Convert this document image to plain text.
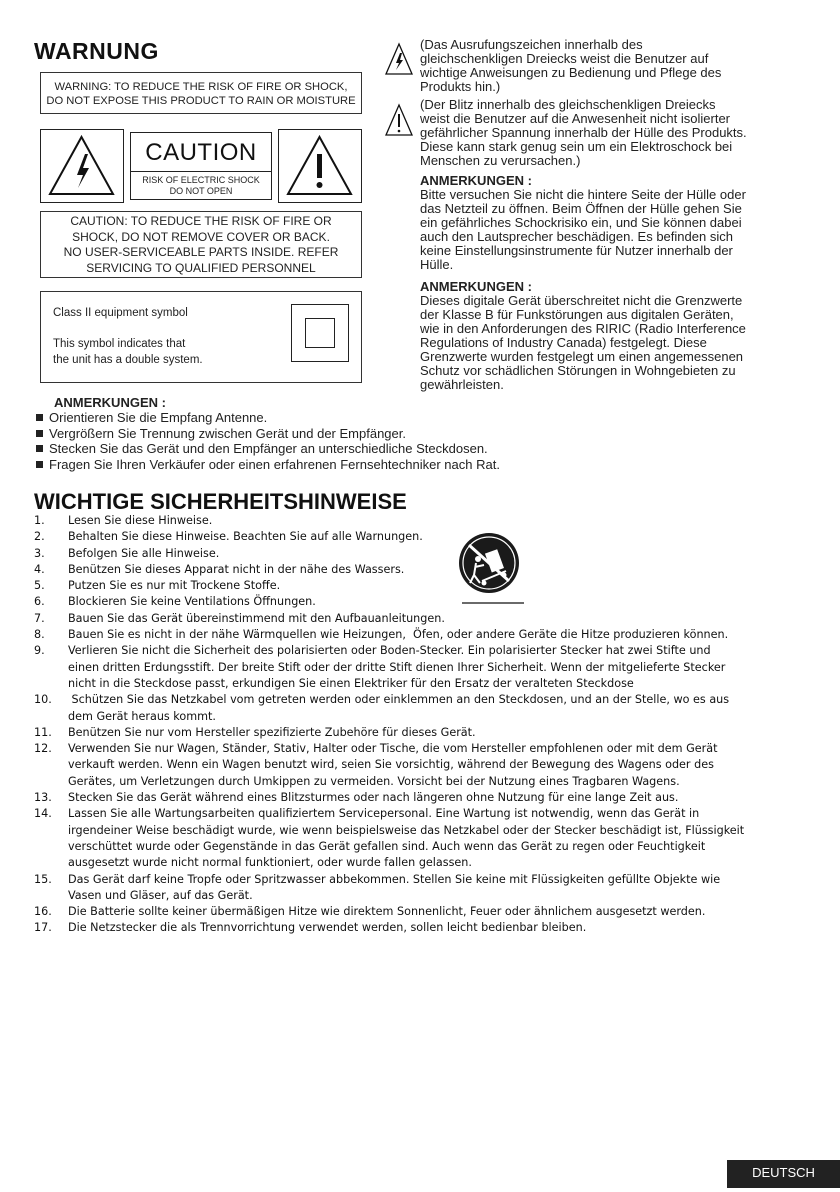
WARNUNG
WARNING: TO REDUCE THE RISK OF FIRE OR SHOCK,
DO NOT EXPOSE THIS PRODUCT TO RAIN OR MOISTURE
CAUTION
RISK OF ELECTRIC SHOCK
DO NOT OPEN
CAUTION: TO REDUCE THE RISK OF FIRE OR
SHOCK, DO NOT REMOVE COVER OR BACK.
NO USER-SERVICEABLE PARTS INSIDE. REFER
SERVICING TO QUALIFIED PERSONNEL
Class II equipment symbol
This symbol indicates that
the unit has a double system.
(Das Ausrufungszeichen innerhalb des
gleichschenkligen Dreiecks weist die Benutzer auf
wichtige Anweisungen zu Bedienung und Pflege des
Produkts hin.)
(Der Blitz innerhalb des gleichschenkligen Dreiecks
weist die Benutzer auf die Anwesenheit nicht isolierter
gefährlicher Spannung innerhalb der Hülle des Produkts.
Diese kann stark genug sein um ein Elektroschock bei
Menschen zu verursachen.)
ANMERKUNGEN :
Bitte versuchen Sie nicht die hintere Seite der Hülle oder
das Netzteil zu öffnen. Beim Öffnen der Hülle gehen Sie
ein gefährliches Schockrisiko ein, und Sie können dabei
auch den Lautsprecher beschädigen. Es befinden sich
keine Einstellungsinstrumente für Nutzer innerhalb der
Hülle.
ANMERKUNGEN :
Dieses digitale Gerät überschreitet nicht die Grenzwerte
der Klasse B für Funkstörungen aus digitalen Geräten,
wie in den Anforderungen des RIRIC (Radio Interference
Regulations of Industry Canada) festgelegt. Diese
Grenzwerte wurden festgelegt um einen angemessenen
Schutz vor schädlichen Störungen in Wohngebieten zu
gewährleisten.
ANMERKUNGEN :
Orientieren Sie die Empfang Antenne.
Vergrößern Sie Trennung zwischen Gerät und der Empfänger.
Stecken Sie das Gerät und den Empfänger an unterschiedliche Steckdosen.
Fragen Sie Ihren Verkäufer oder einen erfahrenen Fernsehtechniker nach Rat.
WICHTIGE SICHERHEITSHINWEISE
1.	Lesen Sie diese Hinweise.
2.	Behalten Sie diese Hinweise. Beachten Sie auf alle Warnungen.
3.	Befolgen Sie alle Hinweise.
4.	Benützen Sie dieses Apparat nicht in der nähe des Wassers.
5.	Putzen Sie es nur mit Trockene Stoffe.
6.	Blockieren Sie keine Ventilations Öffnungen.
7.	Bauen Sie das Gerät übereinstimmend mit den Aufbauanleitungen.
8.	Bauen Sie es nicht in der nähe Wärmquellen wie Heizungen,  Öfen, oder andere Geräte die Hitze produzieren können.
9.	Verlieren Sie nicht die Sicherheit des polarisierten oder Boden-Stecker. Ein polarisierter Stecker hat zwei Stifte und
einen dritten Erdungsstift. Der breite Stift oder der dritte Stift dienen Ihrer Sicherheit. Wenn der mitgelieferte Stecker
nicht in die Steckdose passt, erkundigen Sie einen Elektriker für den Ersatz der veralteten Steckdose
10.	Schützen Sie das Netzkabel vom getreten werden oder einklemmen an den Steckdosen, und an der Stelle, wo es aus
dem Gerät heraus kommt.
11.	Benützen Sie nur vom Hersteller spezifizierte Zubehöre für dieses Gerät.
12.	Verwenden Sie nur Wagen, Ständer, Stativ, Halter oder Tische, die vom Hersteller empfohlenen oder mit dem Gerät
verkauft werden. Wenn ein Wagen benutzt wird, seien Sie vorsichtig, während der Bewegung des Wagens oder des
Gerätes, um Verletzungen durch Umkippen zu vermeiden. Vorsicht bei der Nutzung eines Tragbaren Wagens.
13.	Stecken Sie das Gerät während eines Blitzsturmes oder nach längeren ohne Nutzung für eine lange Zeit aus.
14.	Lassen Sie alle Wartungsarbeiten qualifiziertem Servicepersonal. Eine Wartung ist notwendig, wenn das Gerät in
irgendeiner Weise beschädigt wurde, wie wenn beispielsweise das Netzkabel oder der Stecker beschädigt ist, Flüssigkeit
verschüttet wurde oder Gegenstände in das Gerät gefallen sind. Auch wenn das Gerät zu regen oder Feuchtigkeit
ausgesetzt wurde nicht normal funktioniert, oder wurde fallen gelassen.
15.	Das Gerät darf keine Tropfe oder Spritzwasser abbekommen. Stellen Sie keine mit Flüssigkeiten gefüllte Objekte wie
Vasen und Gläser, auf das Gerät.
16.	Die Batterie sollte keiner übermäßigen Hitze wie direktem Sonnenlicht, Feuer oder ähnlichem ausgesetzt werden.
17.	Die Netzstecker die als Trennvorrichtung verwendet werden, sollen leicht bedienbar bleiben.
DEUTSCH
